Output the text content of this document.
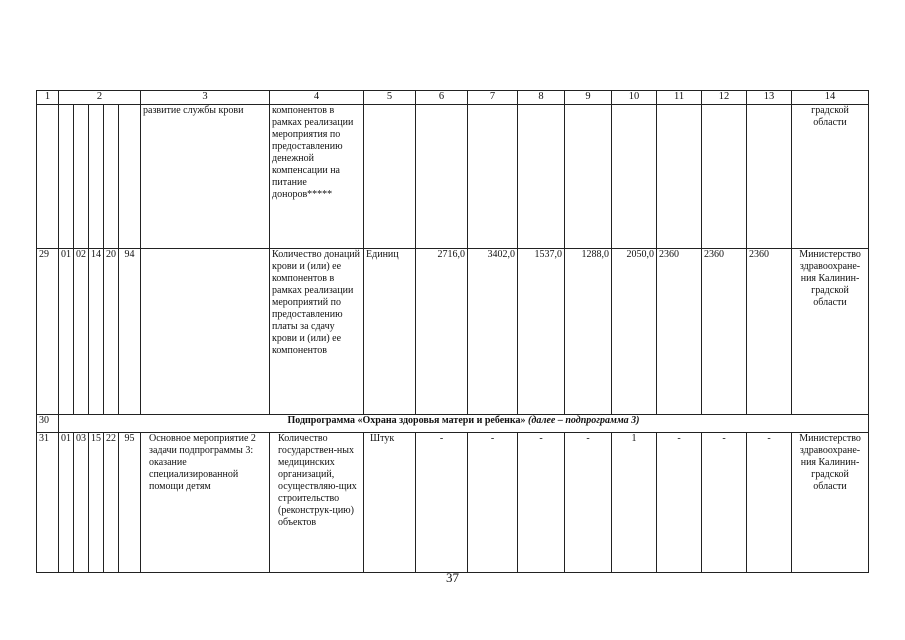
1	2					3	4	5	6	7	8	9	10	11	12	13	14
						развитие службы крови	компонентов в рамках реализации мероприятия по предоставлению денежной компенсации на питание доноров*****										градской области
29	01	02	14	20	94		Количество донаций крови и (или) ее компонентов в рамках реализации мероприятий по предоставлению платы за сдачу крови и (или) ее компонентов	Единиц	2716,0	3402,0	1537,0	1288,0	2050,0	2360	2360	2360	Министерство здравоохране-ния Калинин-градской области
30	Подпрограмма «Охрана здоровья матери и ребенка» (далее – подпрограмма 3)																
31	01	03	15	22	95	Основное мероприятие 2 задачи подпрограммы 3: оказание специализированной помощи детям	Количество государствен-ных медицинских организаций, осуществляю-щих строительство (реконструк-цию) объектов	Штук	-	-	-	-	1	-	-	-	Министерство здравоохране-ния Калинин-градской области
37
